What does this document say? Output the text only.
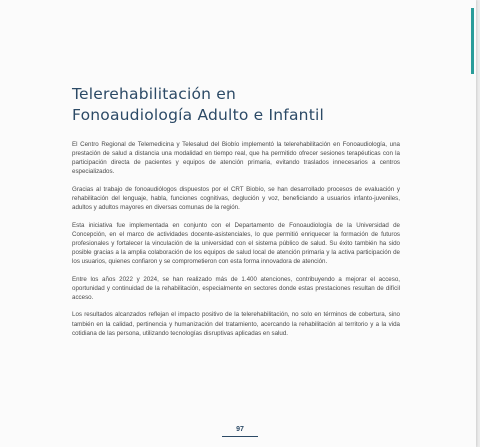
Telerehabilitación en
Fonoaudiología Adulto e Infantil

El Centro Regional de Telemedicina y Telesalud del Biobío implementó la telerehabilitación en Fonoaudiología, una prestación de salud a distancia una modalidad en tiempo real, que ha permitido ofrecer sesiones terapéuticas con la participación directa de pacientes y equipos de atención primaria, evitando traslados innecesarios a centros especializados.

Gracias al trabajo de fonoaudiólogos dispuestos por el CRT Biobío, se han desarrollado procesos de evaluación y rehabilitación del lenguaje, habla, funciones cognitivas, deglución y voz, beneficiando a usuarios infanto-juveniles, adultos y adultos mayores en diversas comunas de la región.

Esta iniciativa fue implementada en conjunto con el Departamento de Fonoaudiología de la Universidad de Concepción, en el marco de actividades docente-asistenciales, lo que permitió enriquecer la formación de futuros profesionales y fortalecer la vinculación de la universidad con el sistema público de salud. Su éxito también ha sido posible gracias a la amplia colaboración de los equipos de salud local de atención primaria y la activa participación de los usuarios, quienes confiaron y se comprometieron con esta forma innovadora de atención.

Entre los años 2022 y 2024, se han realizado más de 1.400 atenciones, contribuyendo a mejorar el acceso, oportunidad y continuidad de la rehabilitación, especialmente en sectores donde estas prestaciones resultan de difícil acceso.

Los resultados alcanzados reflejan el impacto positivo de la telerehabilitación, no solo en términos de cobertura, sino también en la calidad, pertinencia y humanización del tratamiento, acercando la rehabilitación al territorio y a la vida cotidiana de las persona, utilizando tecnologías disruptivas aplicadas en salud.

97
